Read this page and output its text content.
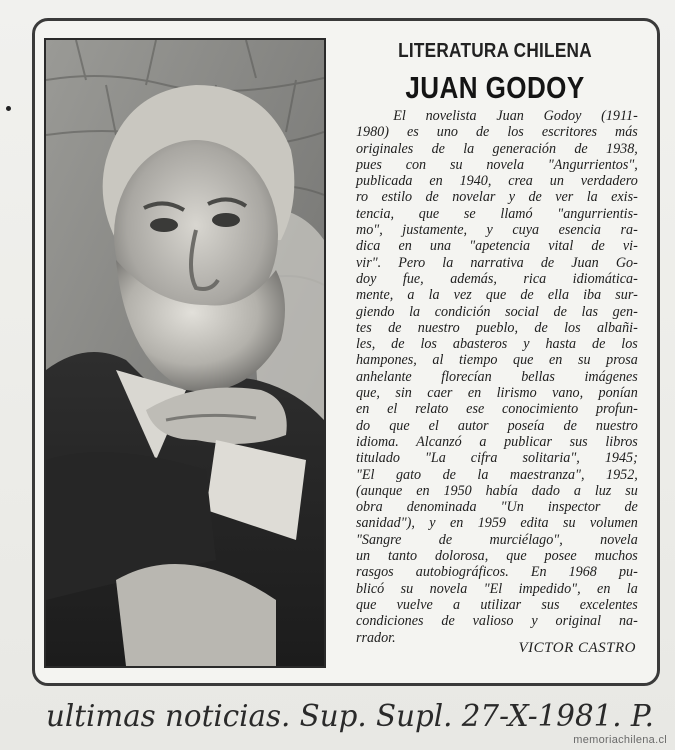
LITERATURA CHILENA
JUAN GODOY
El novelista Juan Godoy (1911-
1980) es uno de los escritores más
originales de la generación de 1938,
pues con su novela "Angurrientos",
publicada en 1940, crea un verdadero
ro estilo de novelar y de ver la exis-
tencia, que se llamó "angurrientis-
mo", justamente, y cuya esencia ra-
dica en una "apetencia vital de vi-
vir". Pero la narrativa de Juan Go-
doy fue, además, rica idiomática-
mente, a la vez que de ella iba sur-
giendo la condición social de las gen-
tes de nuestro pueblo, de los albañi-
les, de los abasteros y hasta de los
hampones, al tiempo que en su prosa
anhelante florecían bellas imágenes
que, sin caer en lirismo vano, ponían
en el relato ese conocimiento profun-
do que el autor poseía de nuestro
idioma. Alcanzó a publicar sus libros
titulado "La cifra solitaria", 1945;
"El gato de la maestranza", 1952,
(aunque en 1950 había dado a luz su
obra denominada "Un inspector de
sanidad"), y en 1959 edita su volumen
"Sangre de murciélago", novela
un tanto dolorosa, que posee muchos
rasgos autobiográficos. En 1968 pu-
blicó su novela "El impedido", en la
que vuelve a utilizar sus excelentes
condiciones de valioso y original na-
rrador.
VICTOR CASTRO
ultimas noticias. Sup. Supl. 27-X-1981. P.
memoriachilena.cl
